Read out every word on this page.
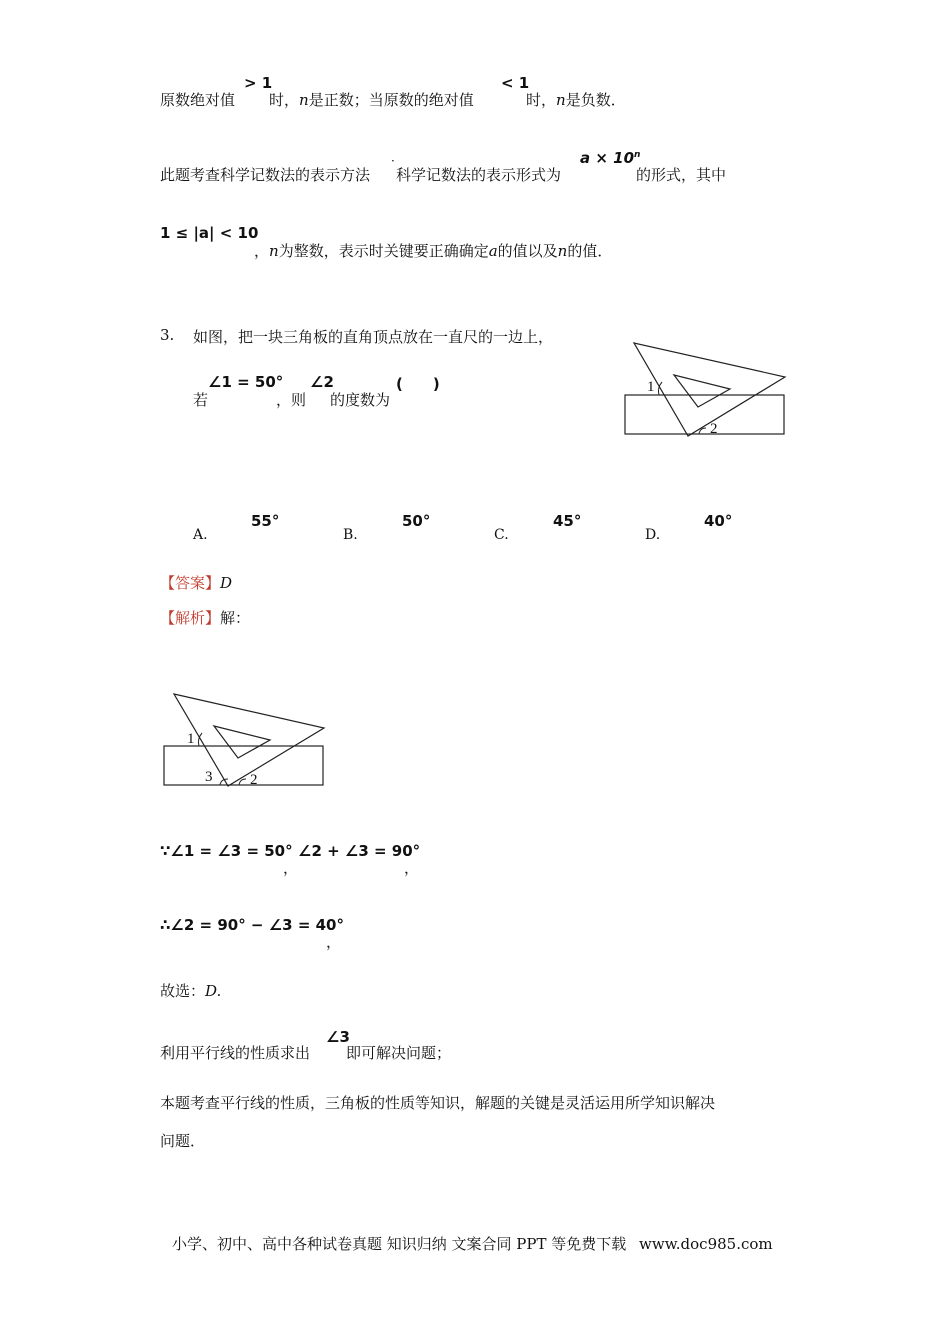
原数绝对值
> 1
时，n是正数；当原数的绝对值
< 1
时，n是负数．
此题考查科学记数法的表示方法
·
科学记数法的表示形式为
$a \times 10^n$
的形式，其中
1 ≤ |a| < 10
，n为整数，表示时关键要正确确定a的值以及n的值．
3. 如图，把一块三角板的直角顶点放在一直尺的一边上，
若
∠1 = 50°
，则
∠2
的度数为
(　　)	1
2
A.
55°
B.
50°
C.
45°
D.
40°
【答案】D
【解析】解：
1
3	2
∵∠1 = ∠3 = 50°
，
∠2 + ∠3 = 90°
，
∴∠2 = 90° − ∠3 = 40°
，
故选：D.
利用平行线的性质求出
∠3
即可解决问题；
本题考查平行线的性质，三角板的性质等知识，解题的关键是灵活运用所学知识解决
问题．
小学、初中、高中各种试卷真题 知识归纳 文案合同 PPT 等免费下载 www.doc985.com
